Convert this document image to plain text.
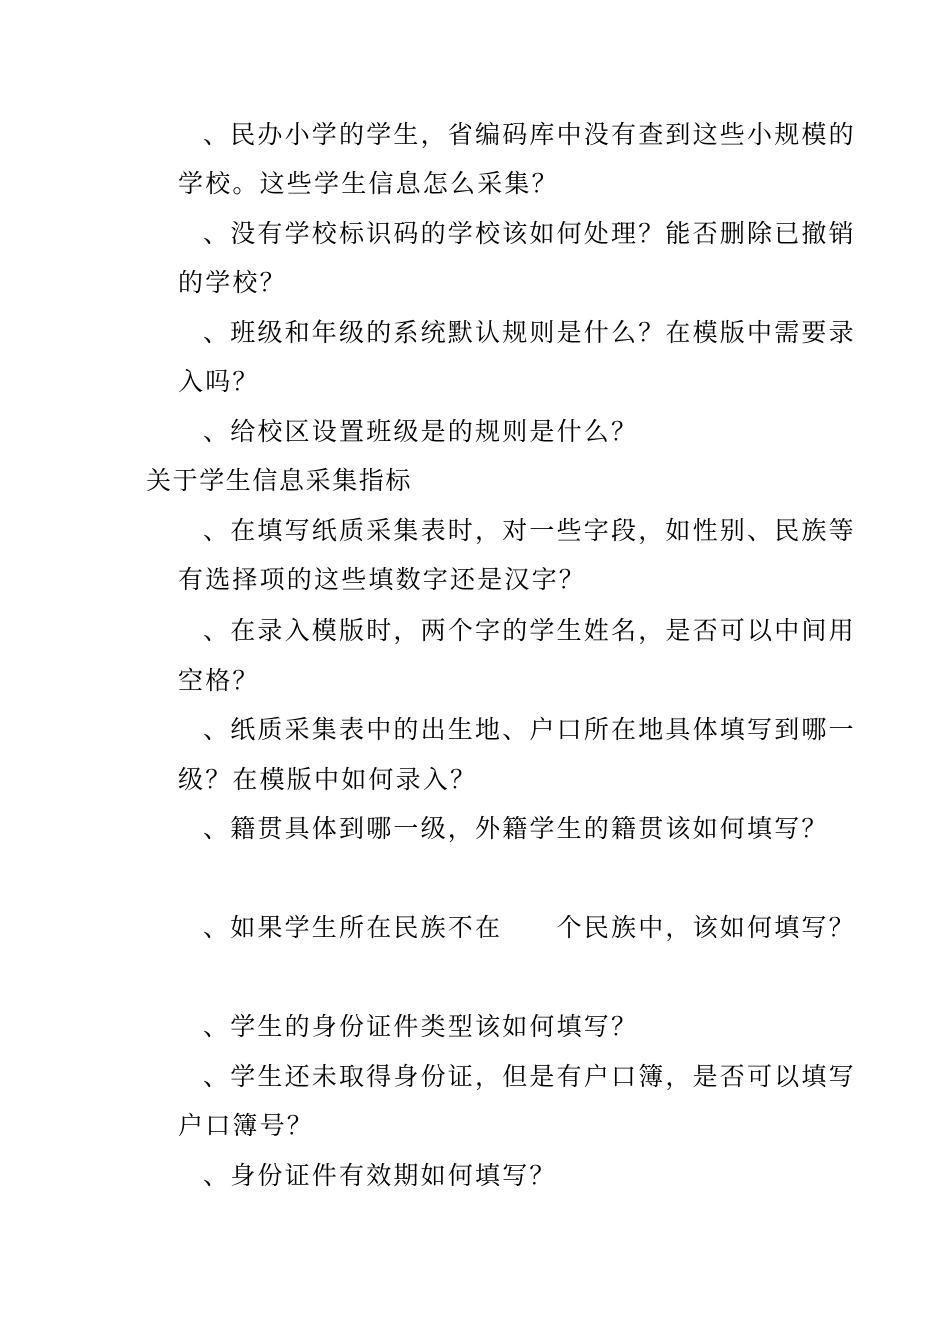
、民办小学的学生，省编码库中没有查到这些小规模的
学校。这些学生信息怎么采集？
、没有学校标识码的学校该如何处理？能否删除已撤销
的学校？
、班级和年级的系统默认规则是什么？在模版中需要录
入吗？
、给校区设置班级是的规则是什么？
关于学生信息采集指标
、在填写纸质采集表时，对一些字段，如性别、民族等
有选择项的这些填数字还是汉字？
、在录入模版时，两个字的学生姓名，是否可以中间用
空格？
、纸质采集表中的出生地、户口所在地具体填写到哪一
级？在模版中如何录入？
、籍贯具体到哪一级，外籍学生的籍贯该如何填写？
、如果学生所在民族不在　　个民族中，该如何填写？
、学生的身份证件类型该如何填写？
、学生还未取得身份证，但是有户口簿，是否可以填写
户口簿号？
、身份证件有效期如何填写？
